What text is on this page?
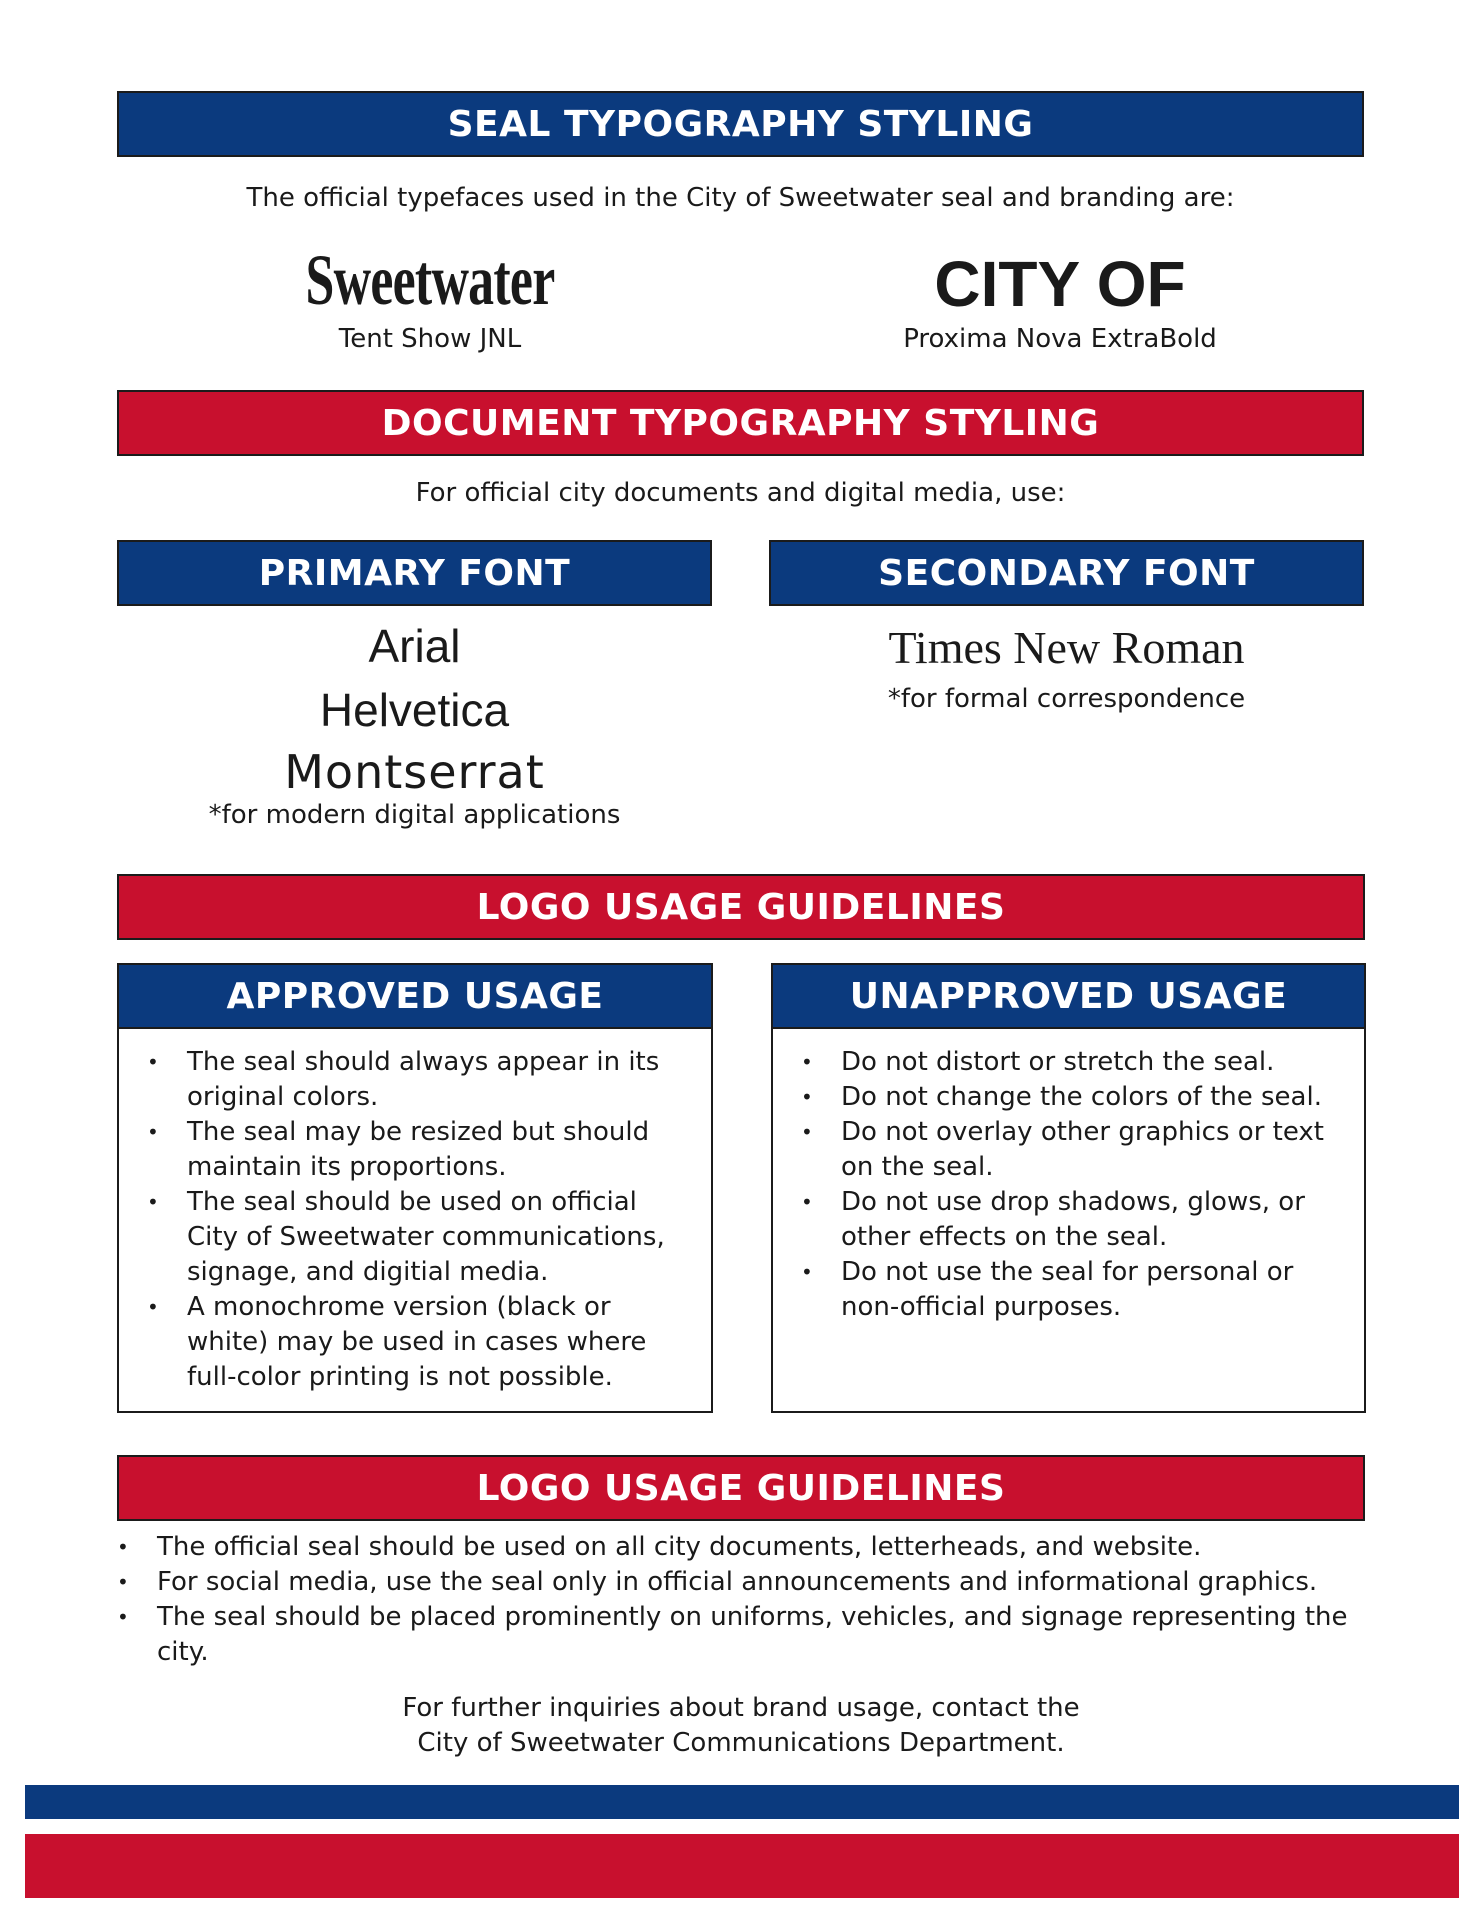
SEAL TYPOGRAPHY STYLING
The official typefaces used in the City of Sweetwater seal and branding are:
Sweetwater
Tent Show JNL
CITY OF
Proxima Nova ExtraBold
DOCUMENT TYPOGRAPHY STYLING
For official city documents and digital media, use:
PRIMARY FONT	SECONDARY FONT
Arial
Helvetica
Montserrat
*for modern digital applications
Times New Roman
*for formal correspondence
LOGO USAGE GUIDELINES
APPROVED USAGE
• The seal should always appear in its original colors.
• The seal may be resized but should maintain its proportions.
• The seal should be used on official City of Sweetwater communications, signage, and digitial media.
• A monochrome version (black or white) may be used in cases where full-color printing is not possible.
UNAPPROVED USAGE
• Do not distort or stretch the seal.
• Do not change the colors of the seal.
• Do not overlay other graphics or text on the seal.
• Do not use drop shadows, glows, or other effects on the seal.
• Do not use the seal for personal or non-official purposes.
LOGO USAGE GUIDELINES
• The official seal should be used on all city documents, letterheads, and website.
• For social media, use the seal only in official announcements and informational graphics.
• The seal should be placed prominently on uniforms, vehicles, and signage representing the city.
For further inquiries about brand usage, contact the
City of Sweetwater Communications Department.
